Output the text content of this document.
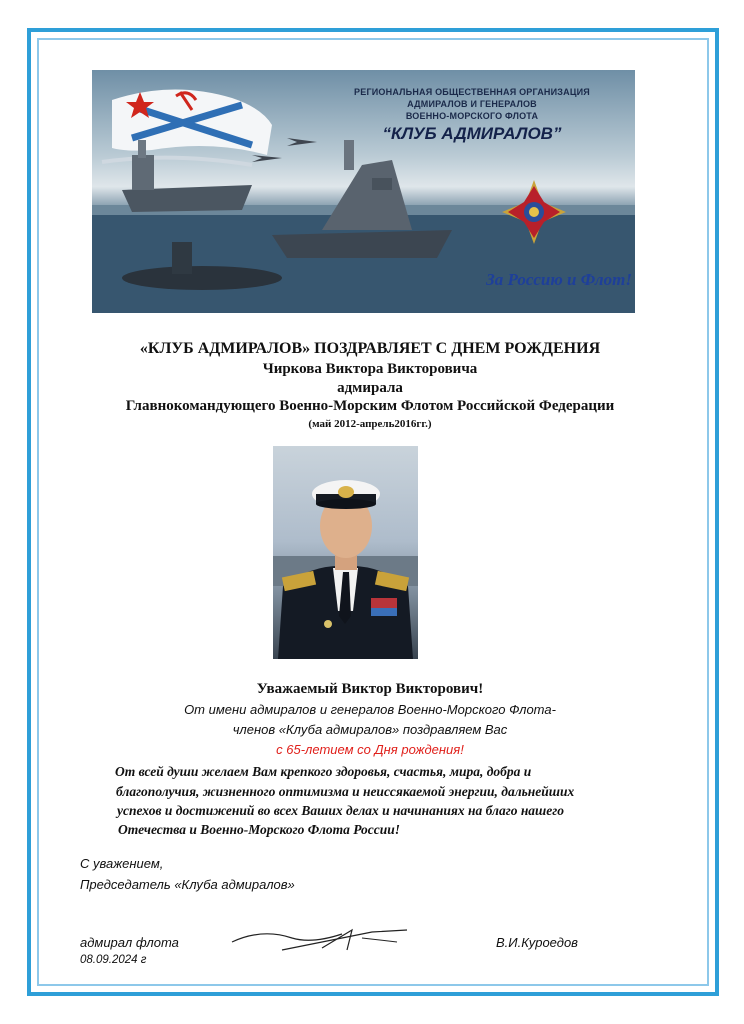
РЕГИОНАЛЬНАЯ ОБЩЕСТВЕННАЯ ОРГАНИЗАЦИЯ
АДМИРАЛОВ И ГЕНЕРАЛОВ
ВОЕННО-МОРСКОГО ФЛОТА
“КЛУБ АДМИРАЛОВ”
За Россию и Флот!
«КЛУБ АДМИРАЛОВ» ПОЗДРАВЛЯЕТ С ДНЕМ РОЖДЕНИЯ
Чиркова Виктора Викторовича
адмирала
Главнокомандующего Военно-Морским Флотом Российской Федерации
(май 2012-апрель2016гг.)
Уважаемый Виктор Викторович!
От имени адмиралов и генералов Военно-Морского Флота-
членов «Клуба адмиралов» поздравляем Вас
с 65-летием со Дня рождения!
От всей души желаем Вам крепкого здоровья, счастья, мира, добра и
благополучия, жизненного оптимизма и неиссякаемой энергии, дальнейших
успехов и достижений во всех Ваших делах и начинаниях на благо нашего
Отечества и Военно-Морского Флота России!
С уважением,
Председатель «Клуба адмиралов»
адмирал флота	В.И.Куроедов
08.09.2024 г
